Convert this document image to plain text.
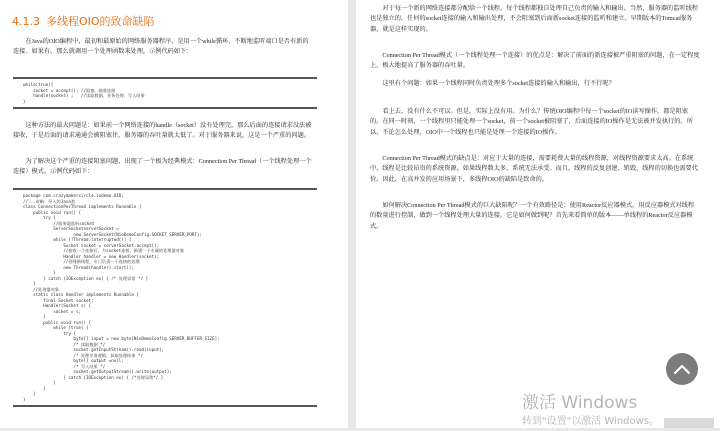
4.1.3 多线程OIO的致命缺陷

在Java的OIO编程中，最初和最原始的网络服务器程序，是用一个while循环，不断地监听端口是否有新的连接。如果有，那么就调用一个处理函数来处理，示例代码如下：

while(true){
socket = accept(); //阻塞，接收连接
handle(socket) ;   //读取数据、业务处理、写入结果
}

这种方法的最大问题是：如果前一个网络连接的handle（socket）没有处理完，那么后面的连接请求没法被接收，于是后面的请求通通会被阻塞住，服务器的吞吐量就太低了。对于服务器来说，这是一个严重的问题。

为了解决这个严重的连接阻塞问题，出现了一个极为经典模式：Connection Per Thread（一个线程处理一个连接）模式。示例代码如下：

package com.crazymakercircle.iodemo.OIO;
//...省略：导入的Java类
class ConnectionPerThread implements Runnable {
public void run() {
try {
//服务器监听socket
ServerSocketserverSocket =
new ServerSocket(NioDemoConfig.SOCKET_SERVER_PORT);
while (!Thread.interrupted()) {
Socket socket = serverSocket.accept();
//接收一个连接后，为socket连接，新建一个专属的处理器对象
Handler handler = new Handler(socket);
//创建新线程，专门负责一个连接的处理
new Thread(handler).start();
}
} catch (IOException ex) { /* 处理异常 */ }
}
//处理器对象
static class Handler implements Runnable {
final Socket socket;
Handler(Socket s) {
socket = s;
}
public void run() {
while (true) {
try {
byte[] input = new byte[NioDemoConfig.SERVER_BUFFER_SIZE];
/* 读取数据 */
socket.getInputStream().read(input);
/* 处理业务逻辑，获取处理结果 */
byte[] output =null;
/* 写入结果 */
socket.getOutputStream().write(output);
} catch (IOException ex) { /*处理异常*/ }
}
}
}
}

对于每一个新的网络连接都分配给一个线程。每个线程都独自处理自己负责的输入和输出。当然，服务器的监听线程也是独立的，任何的socket连接的输入和输出处理，不会阻塞到后面新socket连接的监听和建立。早期版本的Tomcat服务器，就是这样实现的。

Connection Per Thread模式（一个线程处理一个连接）的优点是：解决了前面的新连接被严重阻塞的问题，在一定程度上，极大地提高了服务器的吞吐量。

这里有个问题：如果一个线程同时负责处理多个socket连接的输入和输出，行不行呢？

看上去，没有什么不可以。但是，实际上没有用。为什么？传统OIO编程中每一个socket的IO读写操作，都是阻塞的。在同一时刻，一个线程里只能处理一个socket，前一个socket被阻塞了，后面连接的IO操作是无法被并发执行的。所以，不论怎么处理，OIO中一个线程也只能是处理一个连接的IO操作。

Connection Per Thread模式的缺点是：对应于大量的连接，需要耗费大量的线程资源，对线程资源要求太高。在系统中，线程是比较昂贵的系统资源。如果线程数太多，系统无法承受。而且，线程的反复创建、销毁、线程的切换也需要代价。因此，在高并发的应用场景下，多线程OIO的缺陷是致命的。

如何解决Connection Per Thread模式的巨大缺陷呢？一个有效路径是：使用Reactor反应器模式。用反应器模式对线程的数量进行控制，做到一个线程处理大量的连接。它是如何做到呢？首先来看简单的版本——单线程的Reactor反应器模式。

激活 Windows
转到"设置"以激活 Windows。
